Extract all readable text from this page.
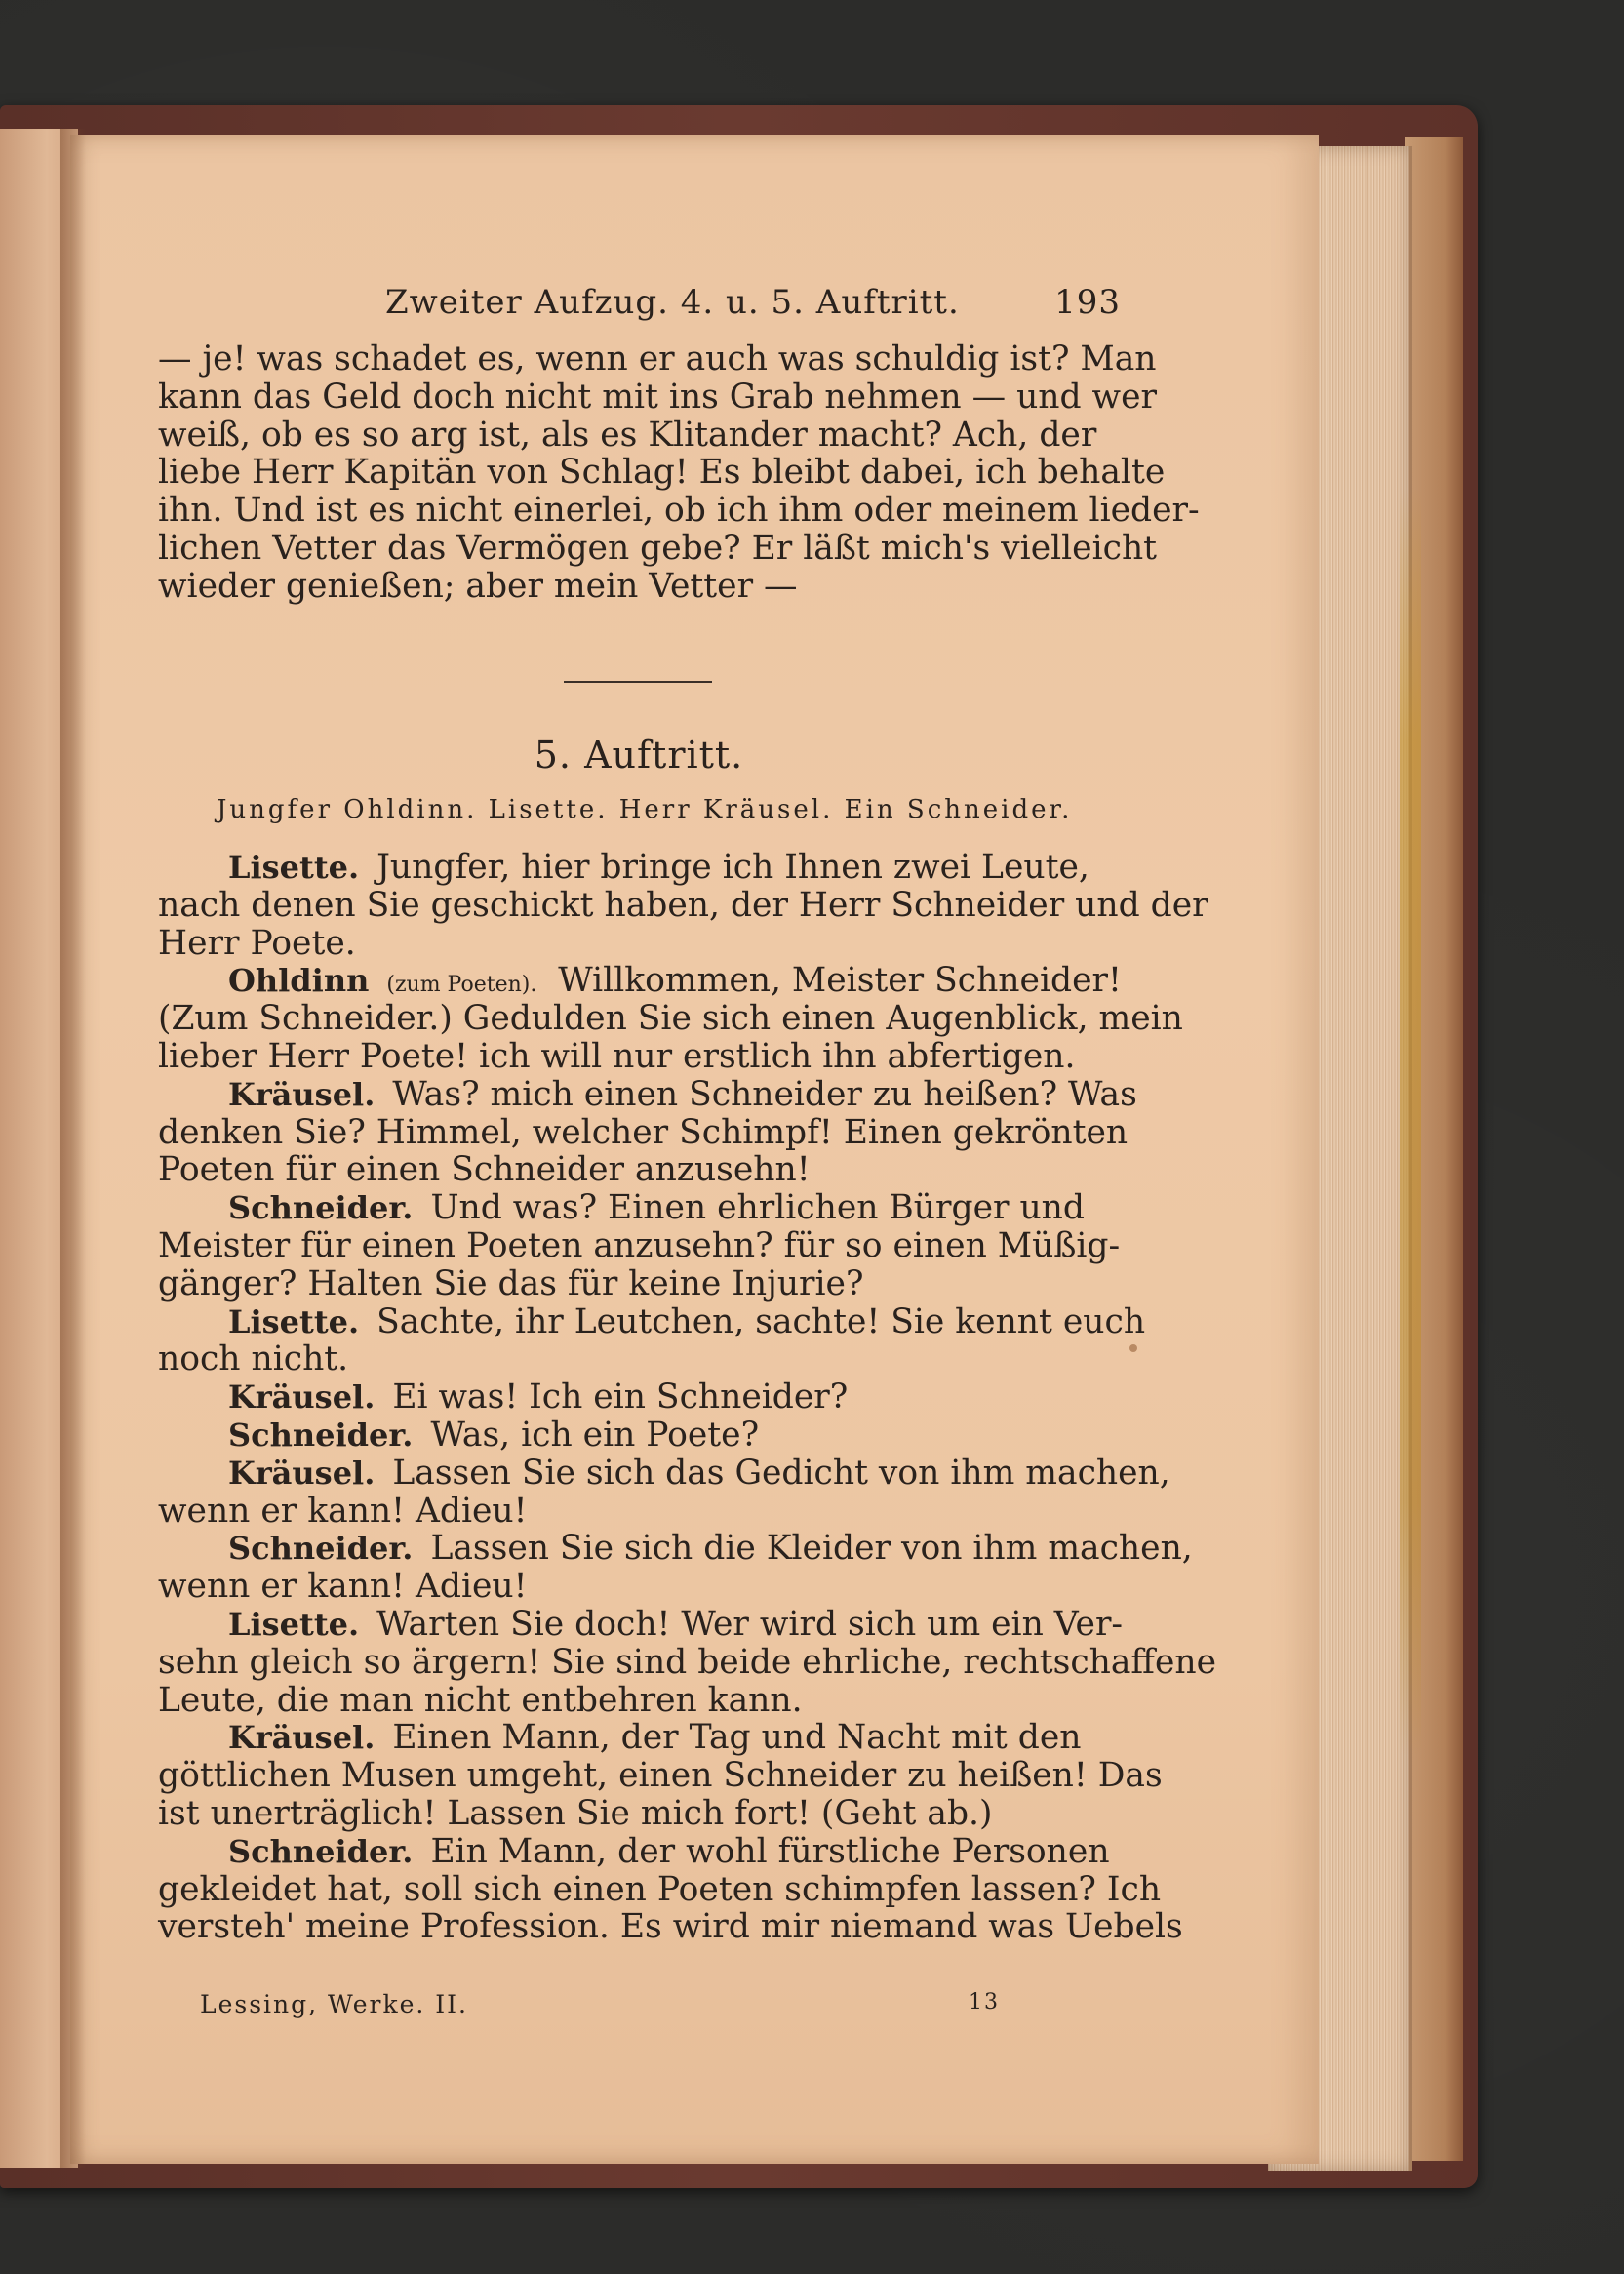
Zweiter Aufzug. 4. u. 5. Auftritt.	193
— je! was schadet es, wenn er auch was schuldig ist? Man
kann das Geld doch nicht mit ins Grab nehmen — und wer
weiß, ob es so arg ist, als es Klitander macht? Ach, der
liebe Herr Kapitän von Schlag! Es bleibt dabei, ich behalte
ihn. Und ist es nicht einerlei, ob ich ihm oder meinem lieder-
lichen Vetter das Vermögen gebe? Er läßt mich's vielleicht
wieder genießen; aber mein Vetter —
5. Auftritt.
Jungfer Ohldinn. Lisette. Herr Kräusel. Ein Schneider.
Lisette. Jungfer, hier bringe ich Ihnen zwei Leute,
nach denen Sie geschickt haben, der Herr Schneider und der
Herr Poete.
Ohldinn (zum Poeten). Willkommen, Meister Schneider!
(Zum Schneider.) Gedulden Sie sich einen Augenblick, mein
lieber Herr Poete! ich will nur erstlich ihn abfertigen.
Kräusel. Was? mich einen Schneider zu heißen? Was
denken Sie? Himmel, welcher Schimpf! Einen gekrönten
Poeten für einen Schneider anzusehn!
Schneider. Und was? Einen ehrlichen Bürger und
Meister für einen Poeten anzusehn? für so einen Müßig-
gänger? Halten Sie das für keine Injurie?
Lisette. Sachte, ihr Leutchen, sachte! Sie kennt euch
noch nicht.
Kräusel. Ei was! Ich ein Schneider?
Schneider. Was, ich ein Poete?
Kräusel. Lassen Sie sich das Gedicht von ihm machen,
wenn er kann! Adieu!
Schneider. Lassen Sie sich die Kleider von ihm machen,
wenn er kann! Adieu!
Lisette. Warten Sie doch! Wer wird sich um ein Ver-
sehn gleich so ärgern! Sie sind beide ehrliche, rechtschaffene
Leute, die man nicht entbehren kann.
Kräusel. Einen Mann, der Tag und Nacht mit den
göttlichen Musen umgeht, einen Schneider zu heißen! Das
ist unerträglich! Lassen Sie mich fort! (Geht ab.)
Schneider. Ein Mann, der wohl fürstliche Personen
gekleidet hat, soll sich einen Poeten schimpfen lassen? Ich
versteh' meine Profession. Es wird mir niemand was Uebels
Lessing, Werke. II.	13
